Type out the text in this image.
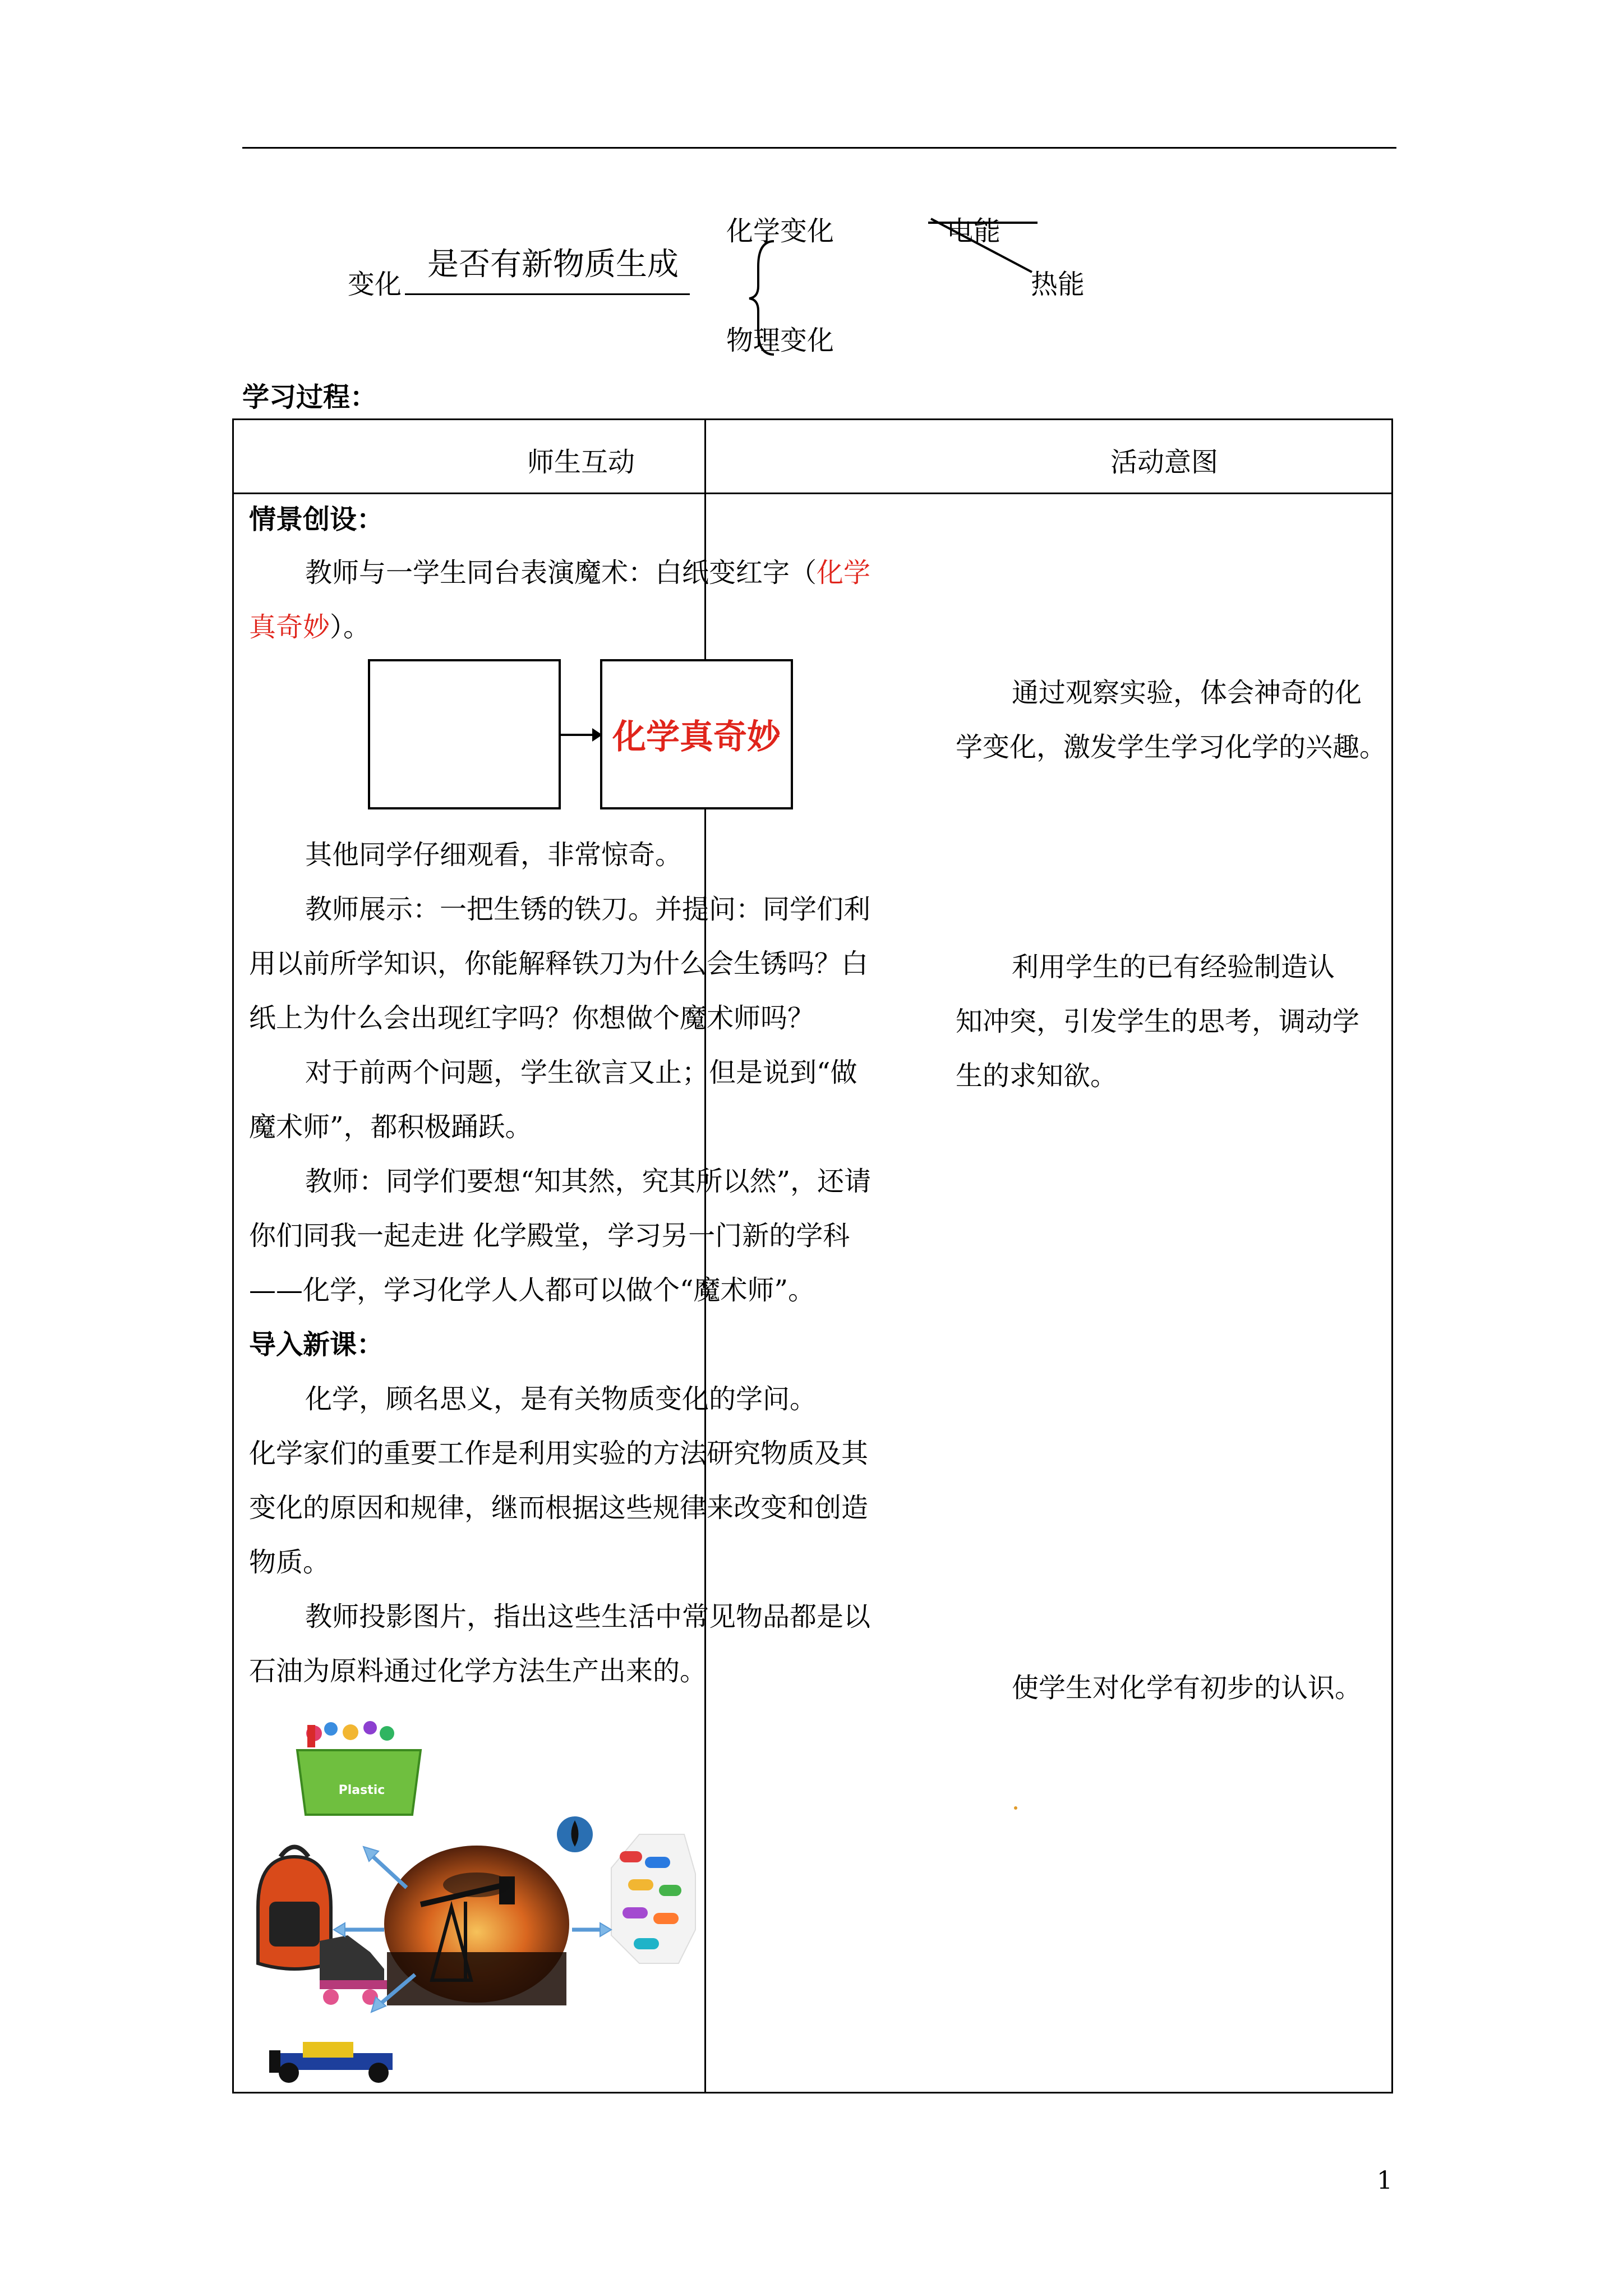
变化
是否有新物质生成
化学变化
物理变化
电能
热能
学习过程：
师生互动	活动意图
情景创设：
教师与一学生同台表演魔术：白纸变红字（化学
真奇妙）。
化学真奇妙
其他同学仔细观看，非常惊奇。
教师展示：一把生锈的铁刀。并提问：同学们利
用以前所学知识，你能解释铁刀为什么会生锈吗？白
纸上为什么会出现红字吗？你想做个魔术师吗？
对于前两个问题，学生欲言又止；但是说到“做
魔术师”，都积极踊跃。
教师：同学们要想“知其然，究其所以然”，还请
你们同我一起走进 化学殿堂，学习另一门新的学科
——化学，学习化学人人都可以做个“魔术师”。
导入新课：
化学，顾名思义，是有关物质变化的学问。
化学家们的重要工作是利用实验的方法研究物质及其
变化的原因和规律，继而根据这些规律来改变和创造
物质。
教师投影图片，指出这些生活中常见物品都是以
石油为原料通过化学方法生产出来的。
Plastic
通过观察实验，体会神奇的化
学变化，激发学生学习化学的兴趣。
利用学生的已有经验制造认
知冲突，引发学生的思考，调动学
生的求知欲。
使学生对化学有初步的认识。
1
